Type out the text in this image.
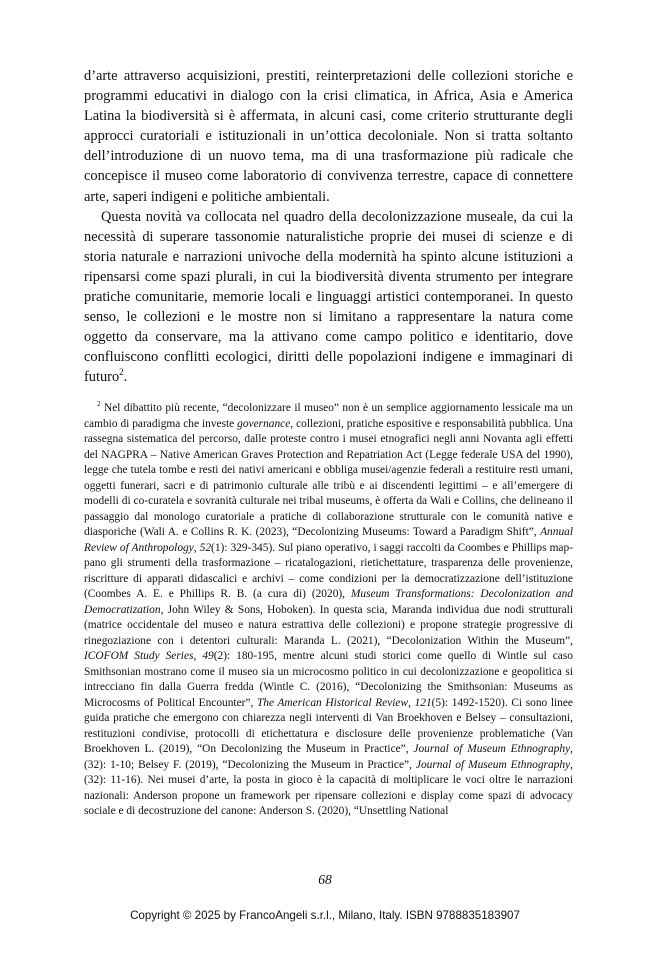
d’arte attraverso acquisizioni, prestiti, reinterpretazioni delle collezioni storiche e programmi educativi in dialogo con la crisi climatica, in Africa, Asia e America Latina la biodiversità si è affermata, in alcuni casi, come criterio strutturante degli approcci curatoriali e istituzionali in un’ottica decoloniale. Non si tratta soltanto dell’introduzione di un nuovo tema, ma di una trasformazione più radicale che concepisce il museo come laboratorio di convivenza terrestre, capace di connettere arte, saperi indigeni e politiche ambientali.

Questa novità va collocata nel quadro della decolonizzazione museale, da cui la necessità di superare tassonomie naturalistiche proprie dei musei di scienze e di storia naturale e narrazioni univoche della modernità ha spinto alcune istituzioni a ripensarsi come spazi plurali, in cui la biodiversità diventa strumento per integrare pratiche comunitarie, memorie locali e linguaggi artistici contemporanei. In questo senso, le collezioni e le mostre non si limitano a rappresentare la natura come oggetto da conservare, ma la attivano come campo politico e identitario, dove confluiscono conflitti ecologici, diritti delle popolazioni indigene e immaginari di futuro$^2$.

$^2$ Nel dibattito più recente, “decolonizzare il museo” non è un semplice aggiornamento lessicale ma un cambio di paradigma che investe governance, collezioni, pratiche espositive e responsabilità pubblica. Una rassegna sistematica del percorso, dalle proteste contro i musei etnografici negli anni Novanta agli effetti del NAGPRA – Native American Graves Protection and Repatriation Act (Legge federale USA del 1990), legge che tutela tombe e resti dei nativi americani e obbliga musei/agenzie federali a restituire resti umani, oggetti funerari, sacri e di patrimonio culturale alle tribù e ai discendenti legittimi – e all’emergere di modelli di co-curatela e sovranità culturale nei tribal museums, è offerta da Wali e Collins, che delineano il passaggio dal monologo curatoriale a pratiche di collaborazione strutturale con le comunità native e diasporiche (Wali A. e Collins R. K. (2023), “Decolonizing Museums: Toward a Paradigm Shift”, Annual Review of Anthropology, 52(1): 329-345). Sul piano operativo, i saggi raccolti da Coombes e Phillips mappano gli strumenti della trasformazione – ricatalogazioni, rietichettature, trasparenza delle provenienze, riscritture di apparati didascalici e archivi – come condizioni per la democratizzazione dell’istituzione (Coombes A. E. e Phillips R. B. (a cura di) (2020), Museum Transformations: Decolonization and Democratization, John Wiley & Sons, Hoboken). In questa scia, Maranda individua due nodi strutturali (matrice occidentale del museo e natura estrattiva delle collezioni) e propone strategie progressive di rinegoziazione con i detentori culturali: Maranda L. (2021), “Decolonization Within the Museum”, ICOFOM Study Series, 49(2): 180-195, mentre alcuni studi storici come quello di Wintle sul caso Smithsonian mostrano come il museo sia un microcosmo politico in cui decolonizzazione e geopolitica si intrecciano fin dalla Guerra fredda (Wintle C. (2016), “Decolonizing the Smithsonian: Museums as Microcosms of Political Encounter”, The American Historical Review, 121(5): 1492-1520). Ci sono linee guida pratiche che emergono con chiarezza negli interventi di Van Broekhoven e Belsey – consultazioni, restituzioni condivise, protocolli di etichettatura e disclosure delle provenienze problematiche (Van Broekhoven L. (2019), “On Decolonizing the Museum in Practice”, Journal of Museum Ethnography, (32): 1-10; Belsey F. (2019), “Decolonizing the Museum in Practice”, Journal of Museum Ethnography, (32): 11-16). Nei musei d’arte, la posta in gioco è la capacità di moltiplicare le voci oltre le narrazioni nazionali: Anderson propone un framework per ripensare collezioni e display come spazi di advocacy sociale e di decostruzione del canone: Anderson S. (2020), “Unsettling National

68
Copyright © 2025 by FrancoAngeli s.r.l., Milano, Italy. ISBN 9788835183907
